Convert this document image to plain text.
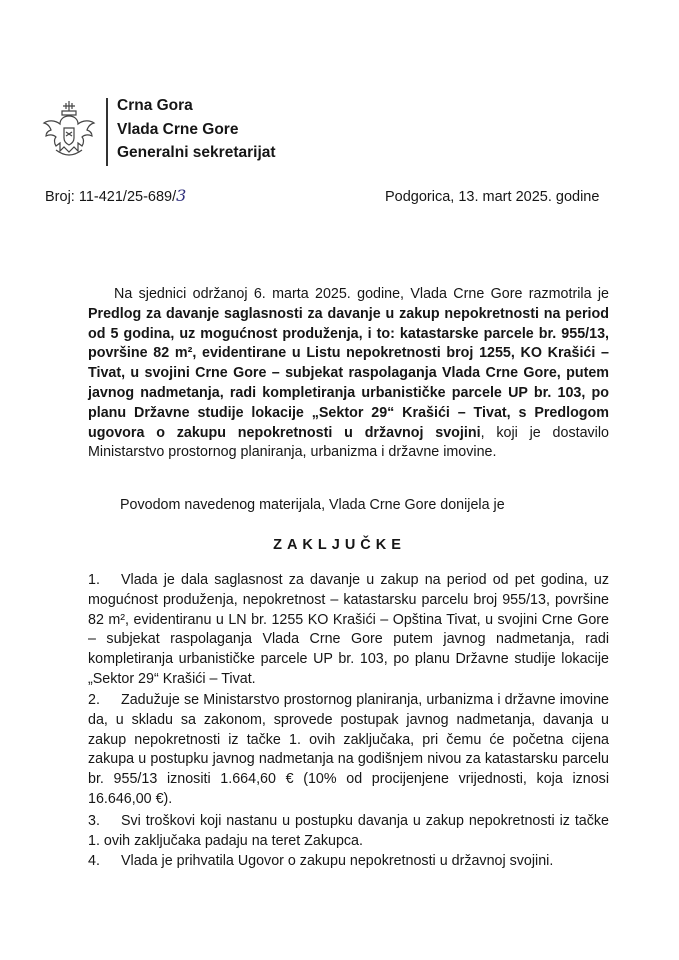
Crna Gora
Vlada Crne Gore
Generalni sekretarijat
Broj: 11-421/25-689/3	Podgorica, 13. mart 2025. godine
Na sjednici održanoj 6. marta 2025. godine, Vlada Crne Gore razmotrila je Predlog za davanje saglasnosti za davanje u zakup nepokretnosti na period od 5 godina, uz mogućnost produženja, i to: katastarske parcele br. 955/13, površine 82 m², evidentirane u Listu nepokretnosti broj 1255, KO Krašići – Tivat, u svojini Crne Gore – subjekat raspolaganja Vlada Crne Gore, putem javnog nadmetanja, radi kompletiranja urbanističke parcele UP br. 103, po planu Državne studije lokacije „Sektor 29“ Krašići – Tivat, s Predlogom ugovora o zakupu nepokretnosti u državnoj svojini, koji je dostavilo Ministarstvo prostornog planiranja, urbanizma i državne imovine.
Povodom navedenog materijala, Vlada Crne Gore donijela je
ZAKLJUČKE
1. Vlada je dala saglasnost za davanje u zakup na period od pet godina, uz mogućnost produženja, nepokretnost – katastarsku parcelu broj 955/13, površine 82 m², evidentiranu u LN br. 1255 KO Krašići – Opština Tivat, u svojini Crne Gore – subjekat raspolaganja Vlada Crne Gore putem javnog nadmetanja, radi kompletiranja urbanističke parcele UP br. 103, po planu Državne studije lokacije „Sektor 29“ Krašići – Tivat.
2. Zadužuje se Ministarstvo prostornog planiranja, urbanizma i državne imovine da, u skladu sa zakonom, sprovede postupak javnog nadmetanja, davanja u zakup nepokretnosti iz tačke 1. ovih zaključaka, pri čemu će početna cijena zakupa u postupku javnog nadmetanja na godišnjem nivou za katastarsku parcelu br. 955/13 iznositi 1.664,60 € (10% od procijenjene vrijednosti, koja iznosi 16.646,00 €).
3. Svi troškovi koji nastanu u postupku davanja u zakup nepokretnosti iz tačke 1. ovih zaključaka padaju na teret Zakupca.
4. Vlada je prihvatila Ugovor o zakupu nepokretnosti u državnoj svojini.
